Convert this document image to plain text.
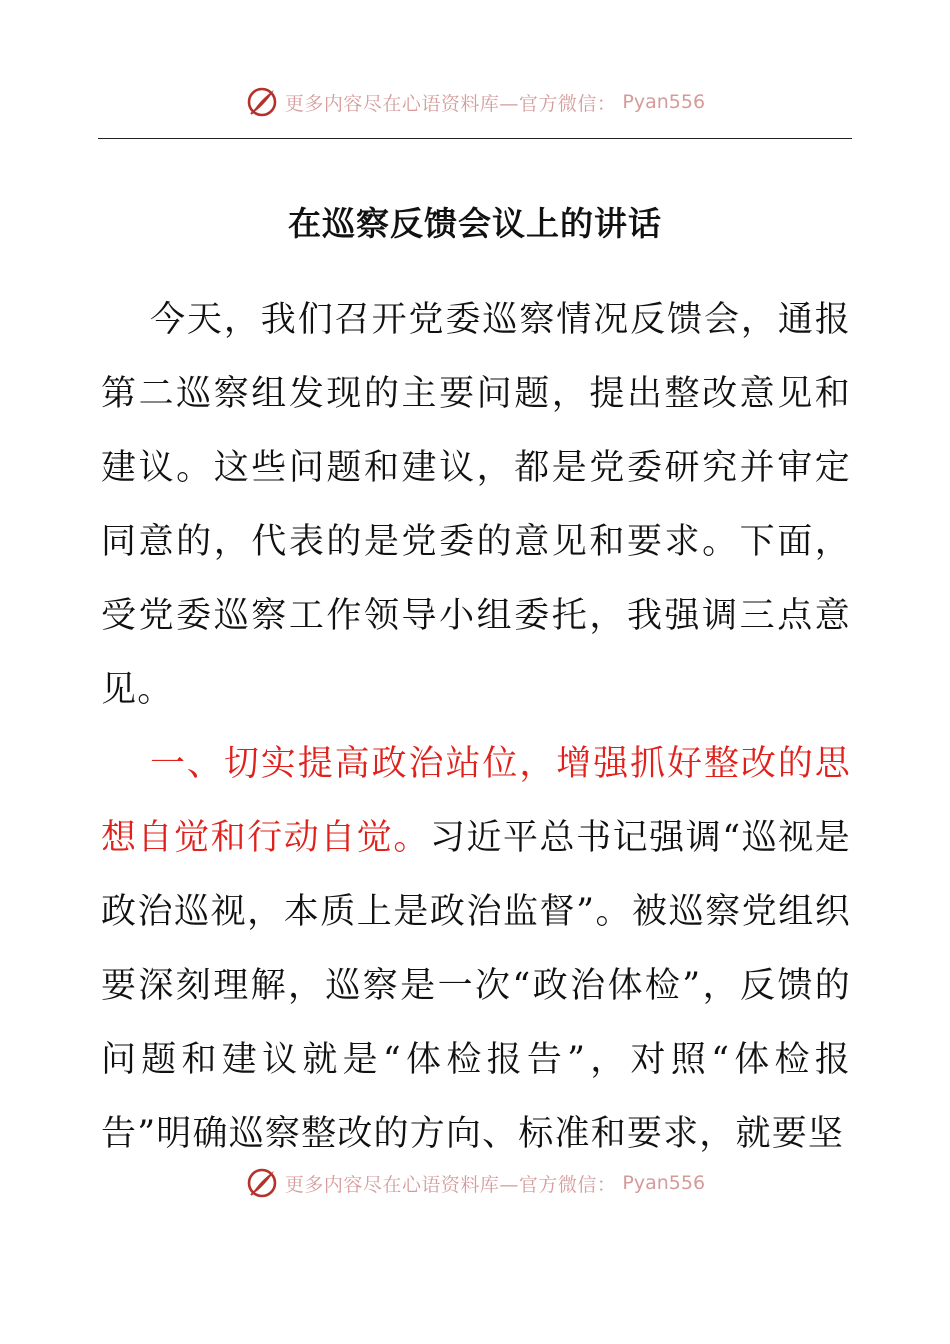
更多内容尽在心语资料库—官方微信： Pyan556
在巡察反馈会议上的讲话

今天，我们召开党委巡察情况反馈会，通报第二巡察组发现的主要问题，提出整改意见和建议。这些问题和建议，都是党委研究并审定同意的，代表的是党委的意见和要求。下面，受党委巡察工作领导小组委托，我强调三点意见。

一、切实提高政治站位，增强抓好整改的思想自觉和行动自觉。习近平总书记强调“巡视是政治巡视，本质上是政治监督”。被巡察党组织要深刻理解，巡察是一次“政治体检”，反馈的问题和建议就是“体检报告”，对照“体检报告”明确巡察整改的方向、标准和要求，就要坚

更多内容尽在心语资料库—官方微信： Pyan556
